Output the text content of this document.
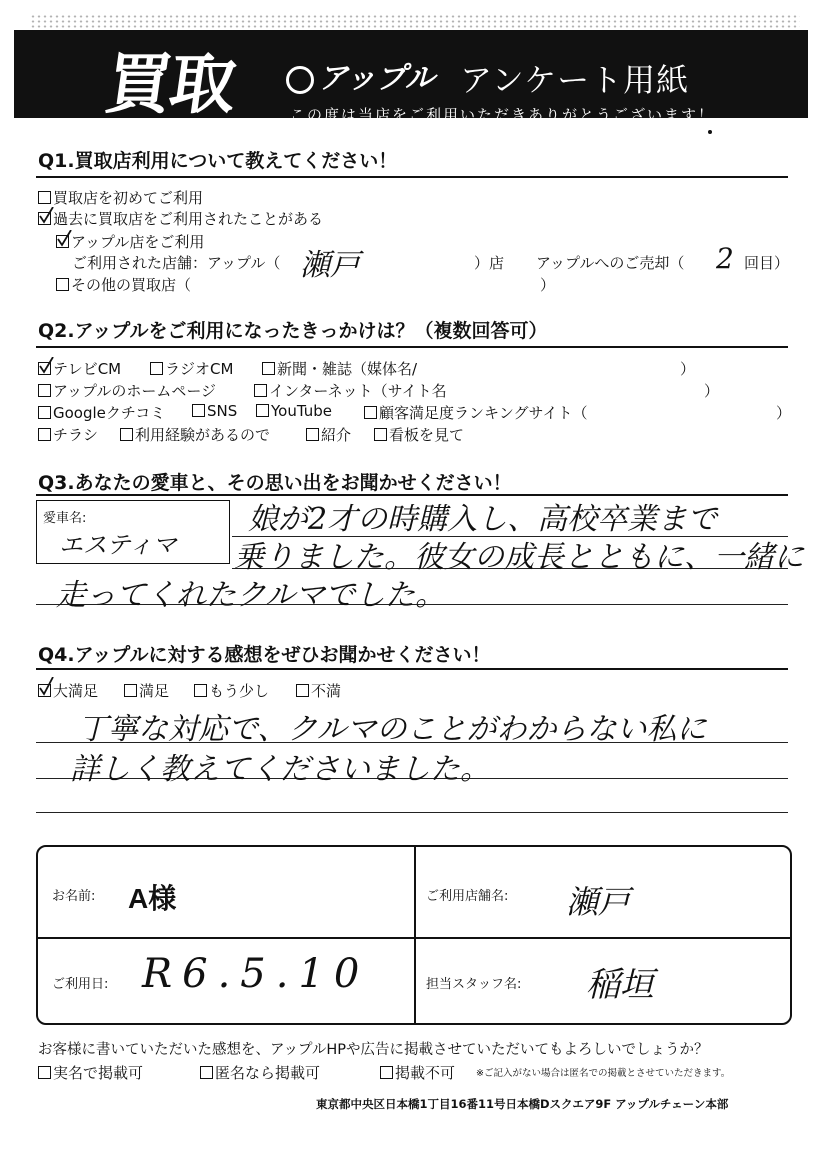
買取	アップル アンケート用紙
この度は当店をご利用いただきありがとうございます！
Q1.買取店利用について教えてください！
買取店を初めてご利用
過去に買取店をご利用されたことがある
アップル店をご利用
ご利用された店舗：アップル（ 瀬戸	）店 アップルへのご売却（ 2 回目）
その他の買取店（	）
Q2.アップルをご利用になったきっかけは？（複数回答可）
テレビCM	ラジオCM	新聞・雑誌（媒体名/	）
アップルのホームページ	インターネット（サイト名	）
Googleクチコミ	SNS	YouTube	顧客満足度ランキングサイト（	）
チラシ	利用経験があるので	紹介	看板を見て
Q3.あなたの愛車と、その思い出をお聞かせください！
愛車名:
エスティマ
娘が2才の時購入し、高校卒業まで
乗りました。彼女の成長とともに、一緒に
走ってくれたクルマでした。
Q4.アップルに対する感想をぜひお聞かせください！
大満足	満足	もう少し	不満
丁寧な対応で、クルマのことがわからない私に
詳しく教えてくださいました。
お名前: A様	ご利用店舗名: 瀬戸
ご利用日: R6.5.10	担当スタッフ名: 稲垣
お客様に書いていただいた感想を、アップルHPや広告に掲載させていただいてもよろしいでしょうか？
実名で掲載可	匿名なら掲載可	掲載不可 ※ご記入がない場合は匿名での掲載とさせていただきます。
東京都中央区日本橋1丁目16番11号日本橋Dスクエア9F アップルチェーン本部
